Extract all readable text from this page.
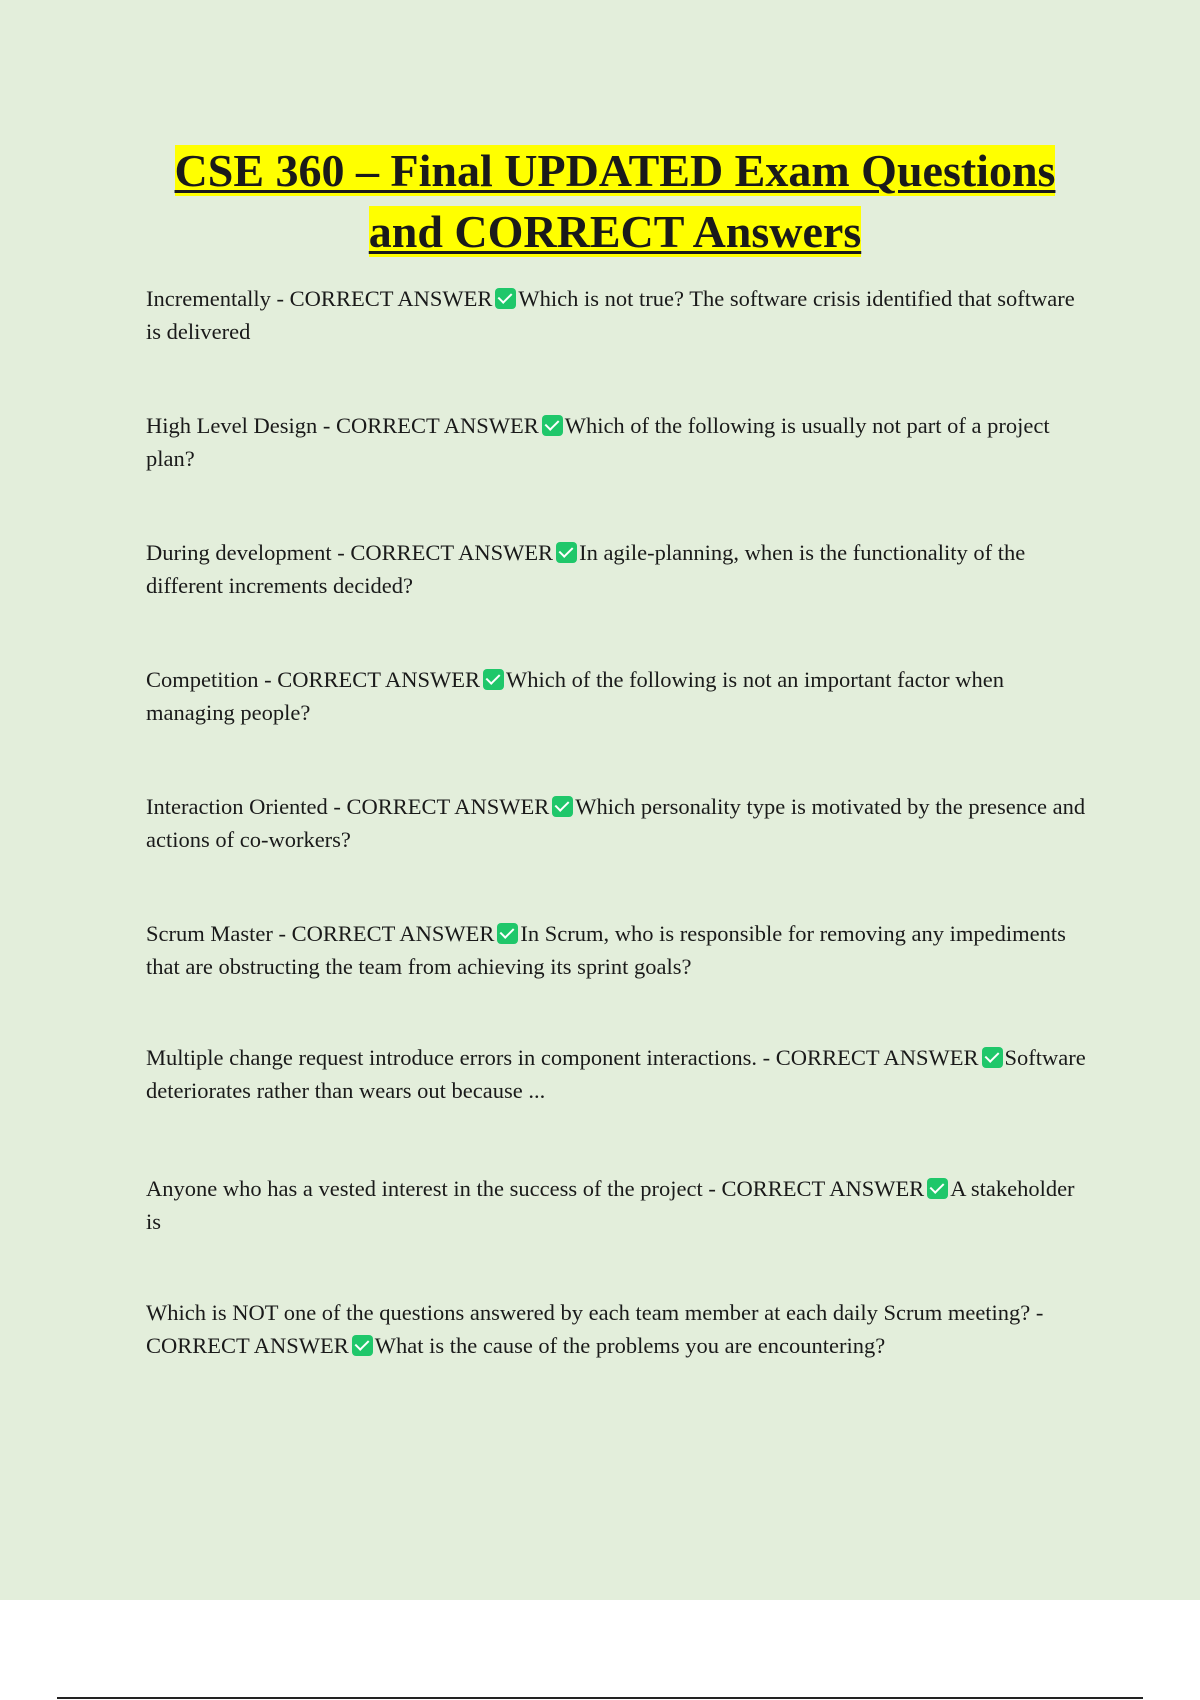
CSE 360 – Final UPDATED Exam Questions and CORRECT Answers

Incrementally - CORRECT ANSWER Which is not true? The software crisis identified that software is delivered

High Level Design - CORRECT ANSWER Which of the following is usually not part of a project plan?

During development - CORRECT ANSWER In agile-planning, when is the functionality of the different increments decided?

Competition - CORRECT ANSWER Which of the following is not an important factor when managing people?

Interaction Oriented - CORRECT ANSWER Which personality type is motivated by the presence and actions of co-workers?

Scrum Master - CORRECT ANSWER In Scrum, who is responsible for removing any impediments that are obstructing the team from achieving its sprint goals?

Multiple change request introduce errors in component interactions. - CORRECT ANSWER Software deteriorates rather than wears out because ...

Anyone who has a vested interest in the success of the project - CORRECT ANSWER A stakeholder is

Which is NOT one of the questions answered by each team member at each daily Scrum meeting? - CORRECT ANSWER What is the cause of the problems you are encountering?
